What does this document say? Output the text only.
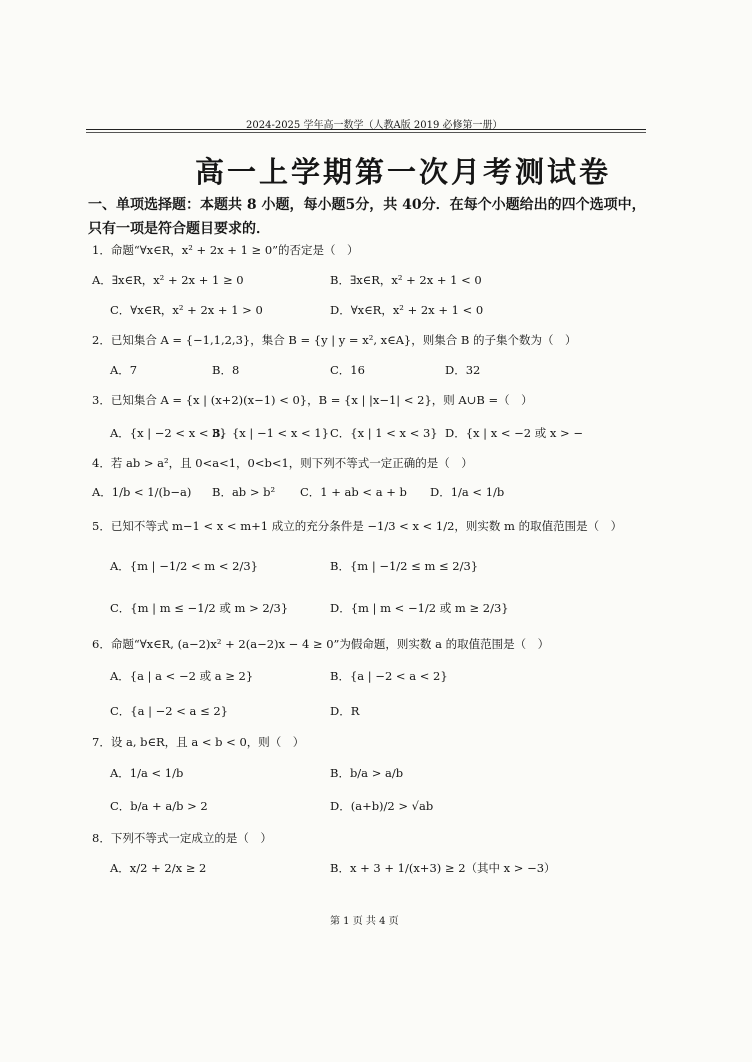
2024-2025 学年高一数学（人教A版 2019 必修第一册）
高一上学期第一次月考测试卷
一、单项选择题：本题共 8 小题，每小题5分，共 40分．在每个小题给出的四个选项中，
只有一项是符合题目要求的．
1．命题“∀x∈R，x² + 2x + 1 ≥ 0”的否定是（　）
A．∃x∈R，x² + 2x + 1 ≥ 0	B．∃x∈R，x² + 2x + 1 < 0
C．∀x∈R，x² + 2x + 1 > 0	D．∀x∈R，x² + 2x + 1 < 0
2．已知集合 A = {−1,1,2,3}，集合 B = {y | y = x², x∈A}，则集合 B 的子集个数为（　）
A．7	B．8	C．16	D．32
3．已知集合 A = {x | (x+2)(x−1) < 0}，B = {x | |x−1| < 2}，则 A∪B =（　）
A．{x | −2 < x < 3}
B．{x | −1 < x < 1} C．{x | 1 < x < 3} D．{x | x < −2 或 x > −
4．若 ab > a²，且 0<a<1，0<b<1，则下列不等式一定正确的是（　）
A．1/b < 1/(b−a) B．ab > b² C．1 + ab < a + b D．1/a < 1/b
5．已知不等式 m−1 < x < m+1 成立的充分条件是 −1/3 < x < 1/2，则实数 m 的取值范围是（　）
A．{m | −1/2 < m < 2/3}	B．{m | −1/2 ≤ m ≤ 2/3}
C．{m | m ≤ −1/2 或 m > 2/3}	D．{m | m < −1/2 或 m ≥ 2/3}
6．命题“∀x∈R, (a−2)x² + 2(a−2)x − 4 ≥ 0”为假命题，则实数 a 的取值范围是（　）
A．{a | a < −2 或 a ≥ 2}	B．{a | −2 < a < 2}
C．{a | −2 < a ≤ 2}	D．R
7．设 a, b∈R，且 a < b < 0，则（　）
A．1/a < 1/b	B．b/a > a/b
C．b/a + a/b > 2	D．(a+b)/2 > √ab
8．下列不等式一定成立的是（　）
A．x/2 + 2/x ≥ 2	B．x + 3 + 1/(x+3) ≥ 2（其中 x > −3）
第 1 页 共 4 页
